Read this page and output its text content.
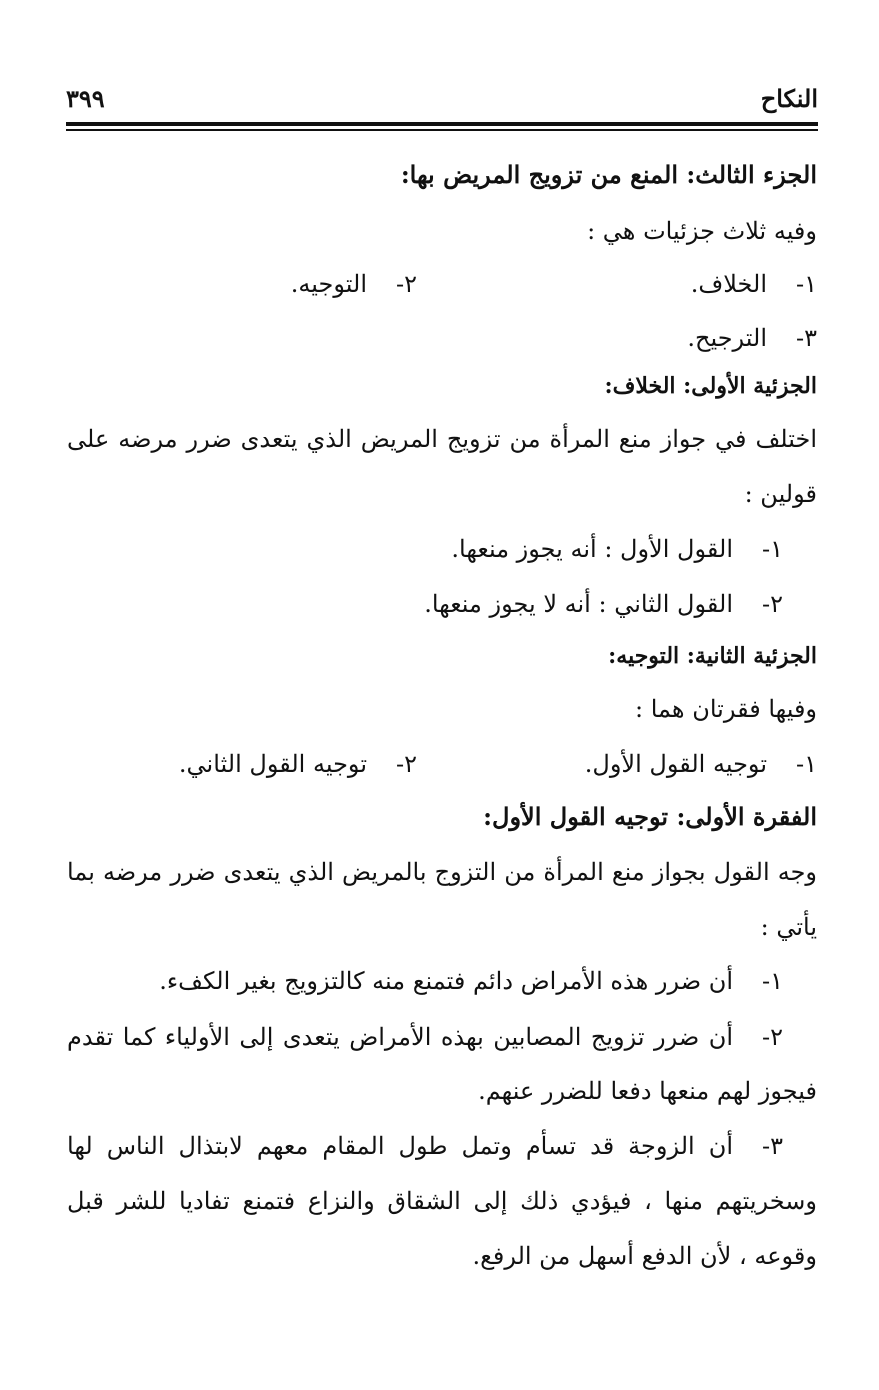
النكاح
٣٩٩
الجزء الثالث: المنع من تزويج المريض بها:
وفيه ثلاث جزئيات هي :
١-الخلاف.
٢-التوجيه.
٣-الترجيح.
الجزئية الأولى: الخلاف:
اختلف في جواز منع المرأة من تزويج المريض الذي يتعدى ضرر مرضه على
قولين :
١-القول الأول : أنه يجوز منعها.
٢-القول الثاني : أنه لا يجوز منعها.
الجزئية الثانية: التوجيه:
وفيها فقرتان هما :
١-توجيه القول الأول.
٢-توجيه القول الثاني.
الفقرة الأولى: توجيه القول الأول:
وجه القول بجواز منع المرأة من التزوج بالمريض الذي يتعدى ضرر مرضه بما
يأتي :
١-أن ضرر هذه الأمراض دائم فتمنع منه كالتزويج بغير الكفء.
٢-أن ضرر تزويج المصابين بهذه الأمراض يتعدى إلى الأولياء كما تقدم
فيجوز لهم منعها دفعا للضرر عنهم.
٣-أن الزوجة قد تسأم وتمل طول المقام معهم لابتذال الناس لها
وسخريتهم منها ، فيؤدي ذلك إلى الشقاق والنزاع فتمنع تفاديا للشر قبل
وقوعه ، لأن الدفع أسهل من الرفع.
